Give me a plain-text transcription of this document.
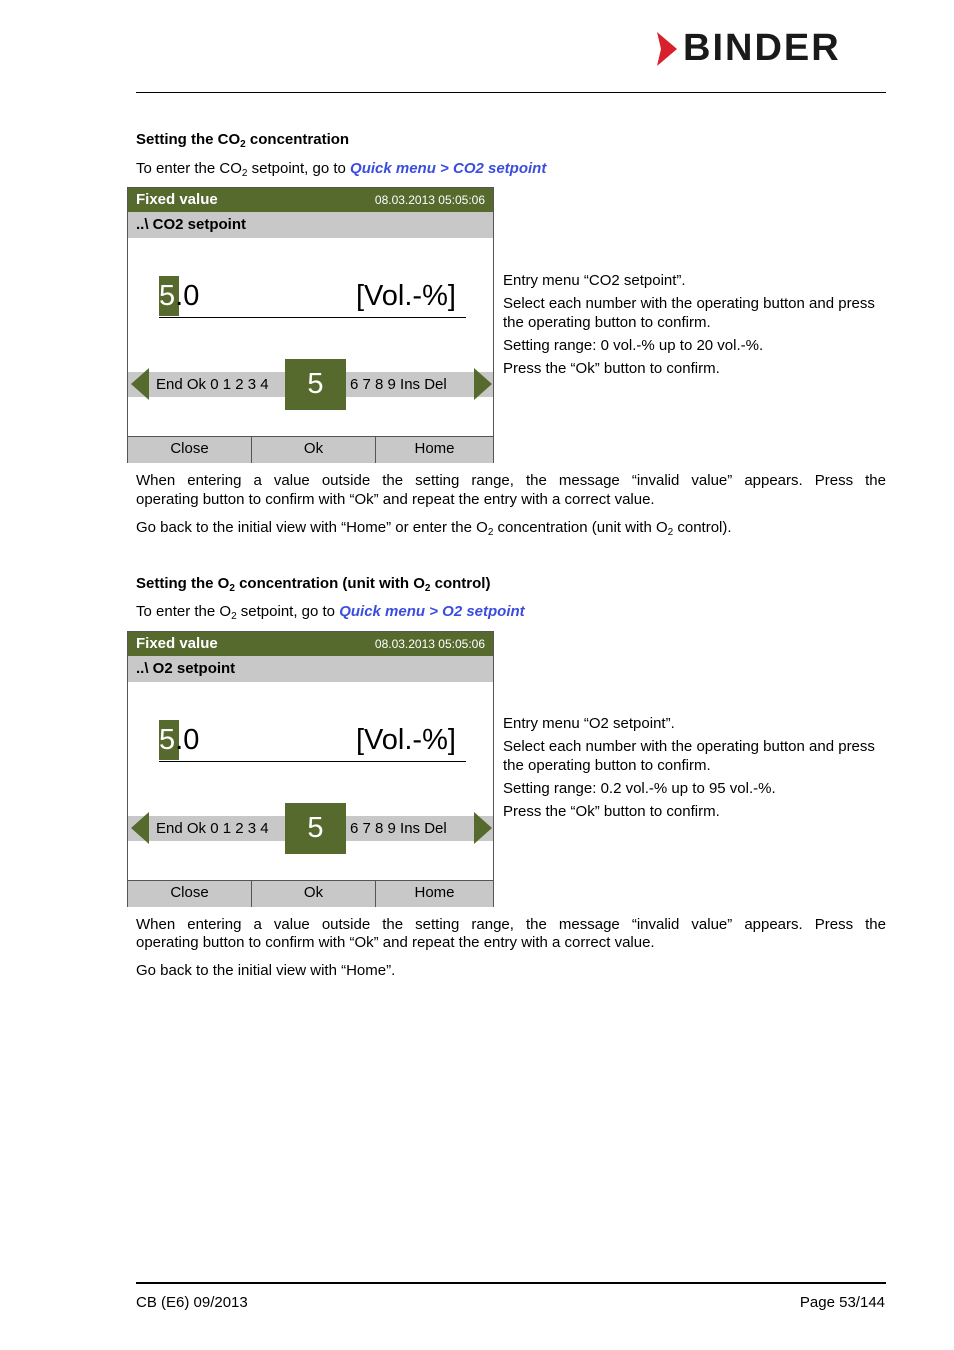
BINDER
Setting the $CO_2$ concentration
To enter the $CO_2$ setpoint, go to Quick menu > CO2 setpoint
Fixed value	08.03.2013 05:05:06
..\ CO2 setpoint
5.0	[Vol.-%]
End Ok 0 1 2 3 4	5	6 7 8 9 Ins Del
Close	Ok	Home
Entry menu “CO2 setpoint”.
Select each number with the operating button and press the operating button to confirm.
Setting range: 0 vol.-% up to 20 vol.-%.
Press the “Ok” button to confirm.
When entering a value outside the setting range, the message “invalid value” appears. Press the
operating button to confirm with “Ok” and repeat the entry with a correct value.
Go back to the initial view with “Home” or enter the $O_2$ concentration (unit with $O_2$ control).
Setting the $O_2$ concentration (unit with $O_2$ control)
To enter the $O_2$ setpoint, go to Quick menu > O2 setpoint
Fixed value	08.03.2013 05:05:06
..\ O2 setpoint
5.0	[Vol.-%]
End Ok 0 1 2 3 4	5	6 7 8 9 Ins Del
Close	Ok	Home
Entry menu “O2 setpoint”.
Select each number with the operating button and press the operating button to confirm.
Setting range: 0.2 vol.-% up to 95 vol.-%.
Press the “Ok” button to confirm.
When entering a value outside the setting range, the message “invalid value” appears. Press the
operating button to confirm with “Ok” and repeat the entry with a correct value.
Go back to the initial view with “Home”.
CB (E6) 09/2013	Page 53/144
